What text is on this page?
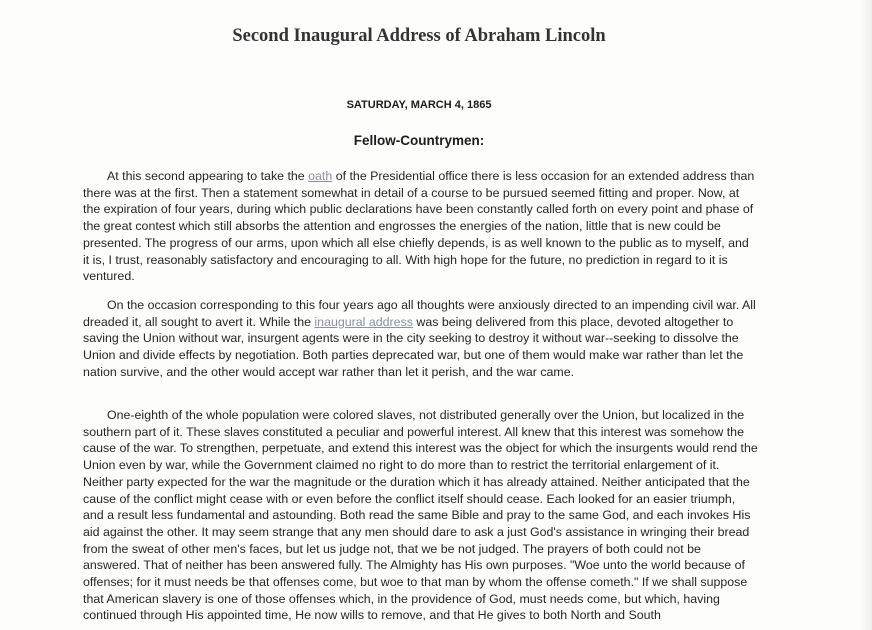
Second Inaugural Address of Abraham Lincoln
SATURDAY, MARCH 4, 1865
Fellow-Countrymen:

At this second appearing to take the oath of the Presidential office there is less occasion for an extended address than there was at the first. Then a statement somewhat in detail of a course to be pursued seemed fitting and proper. Now, at the expiration of four years, during which public declarations have been constantly called forth on every point and phase of the great contest which still absorbs the attention and engrosses the energies of the nation, little that is new could be presented. The progress of our arms, upon which all else chiefly depends, is as well known to the public as to myself, and it is, I trust, reasonably satisfactory and encouraging to all. With high hope for the future, no prediction in regard to it is ventured.

On the occasion corresponding to this four years ago all thoughts were anxiously directed to an impending civil war. All dreaded it, all sought to avert it. While the inaugural address was being delivered from this place, devoted altogether to saving the Union without war, insurgent agents were in the city seeking to destroy it without war--seeking to dissolve the Union and divide effects by negotiation. Both parties deprecated war, but one of them would make war rather than let the nation survive, and the other would accept war rather than let it perish, and the war came.

One-eighth of the whole population were colored slaves, not distributed generally over the Union, but localized in the southern part of it. These slaves constituted a peculiar and powerful interest. All knew that this interest was somehow the cause of the war. To strengthen, perpetuate, and extend this interest was the object for which the insurgents would rend the Union even by war, while the Government claimed no right to do more than to restrict the territorial enlargement of it. Neither party expected for the war the magnitude or the duration which it has already attained. Neither anticipated that the cause of the conflict might cease with or even before the conflict itself should cease. Each looked for an easier triumph, and a result less fundamental and astounding. Both read the same Bible and pray to the same God, and each invokes His aid against the other. It may seem strange that any men should dare to ask a just God's assistance in wringing their bread from the sweat of other men's faces, but let us judge not, that we be not judged. The prayers of both could not be answered. That of neither has been answered fully. The Almighty has His own purposes. "Woe unto the world because of offenses; for it must needs be that offenses come, but woe to that man by whom the offense cometh." If we shall suppose that American slavery is one of those offenses which, in the providence of God, must needs come, but which, having continued through His appointed time, He now wills to remove, and that He gives to both North and South
